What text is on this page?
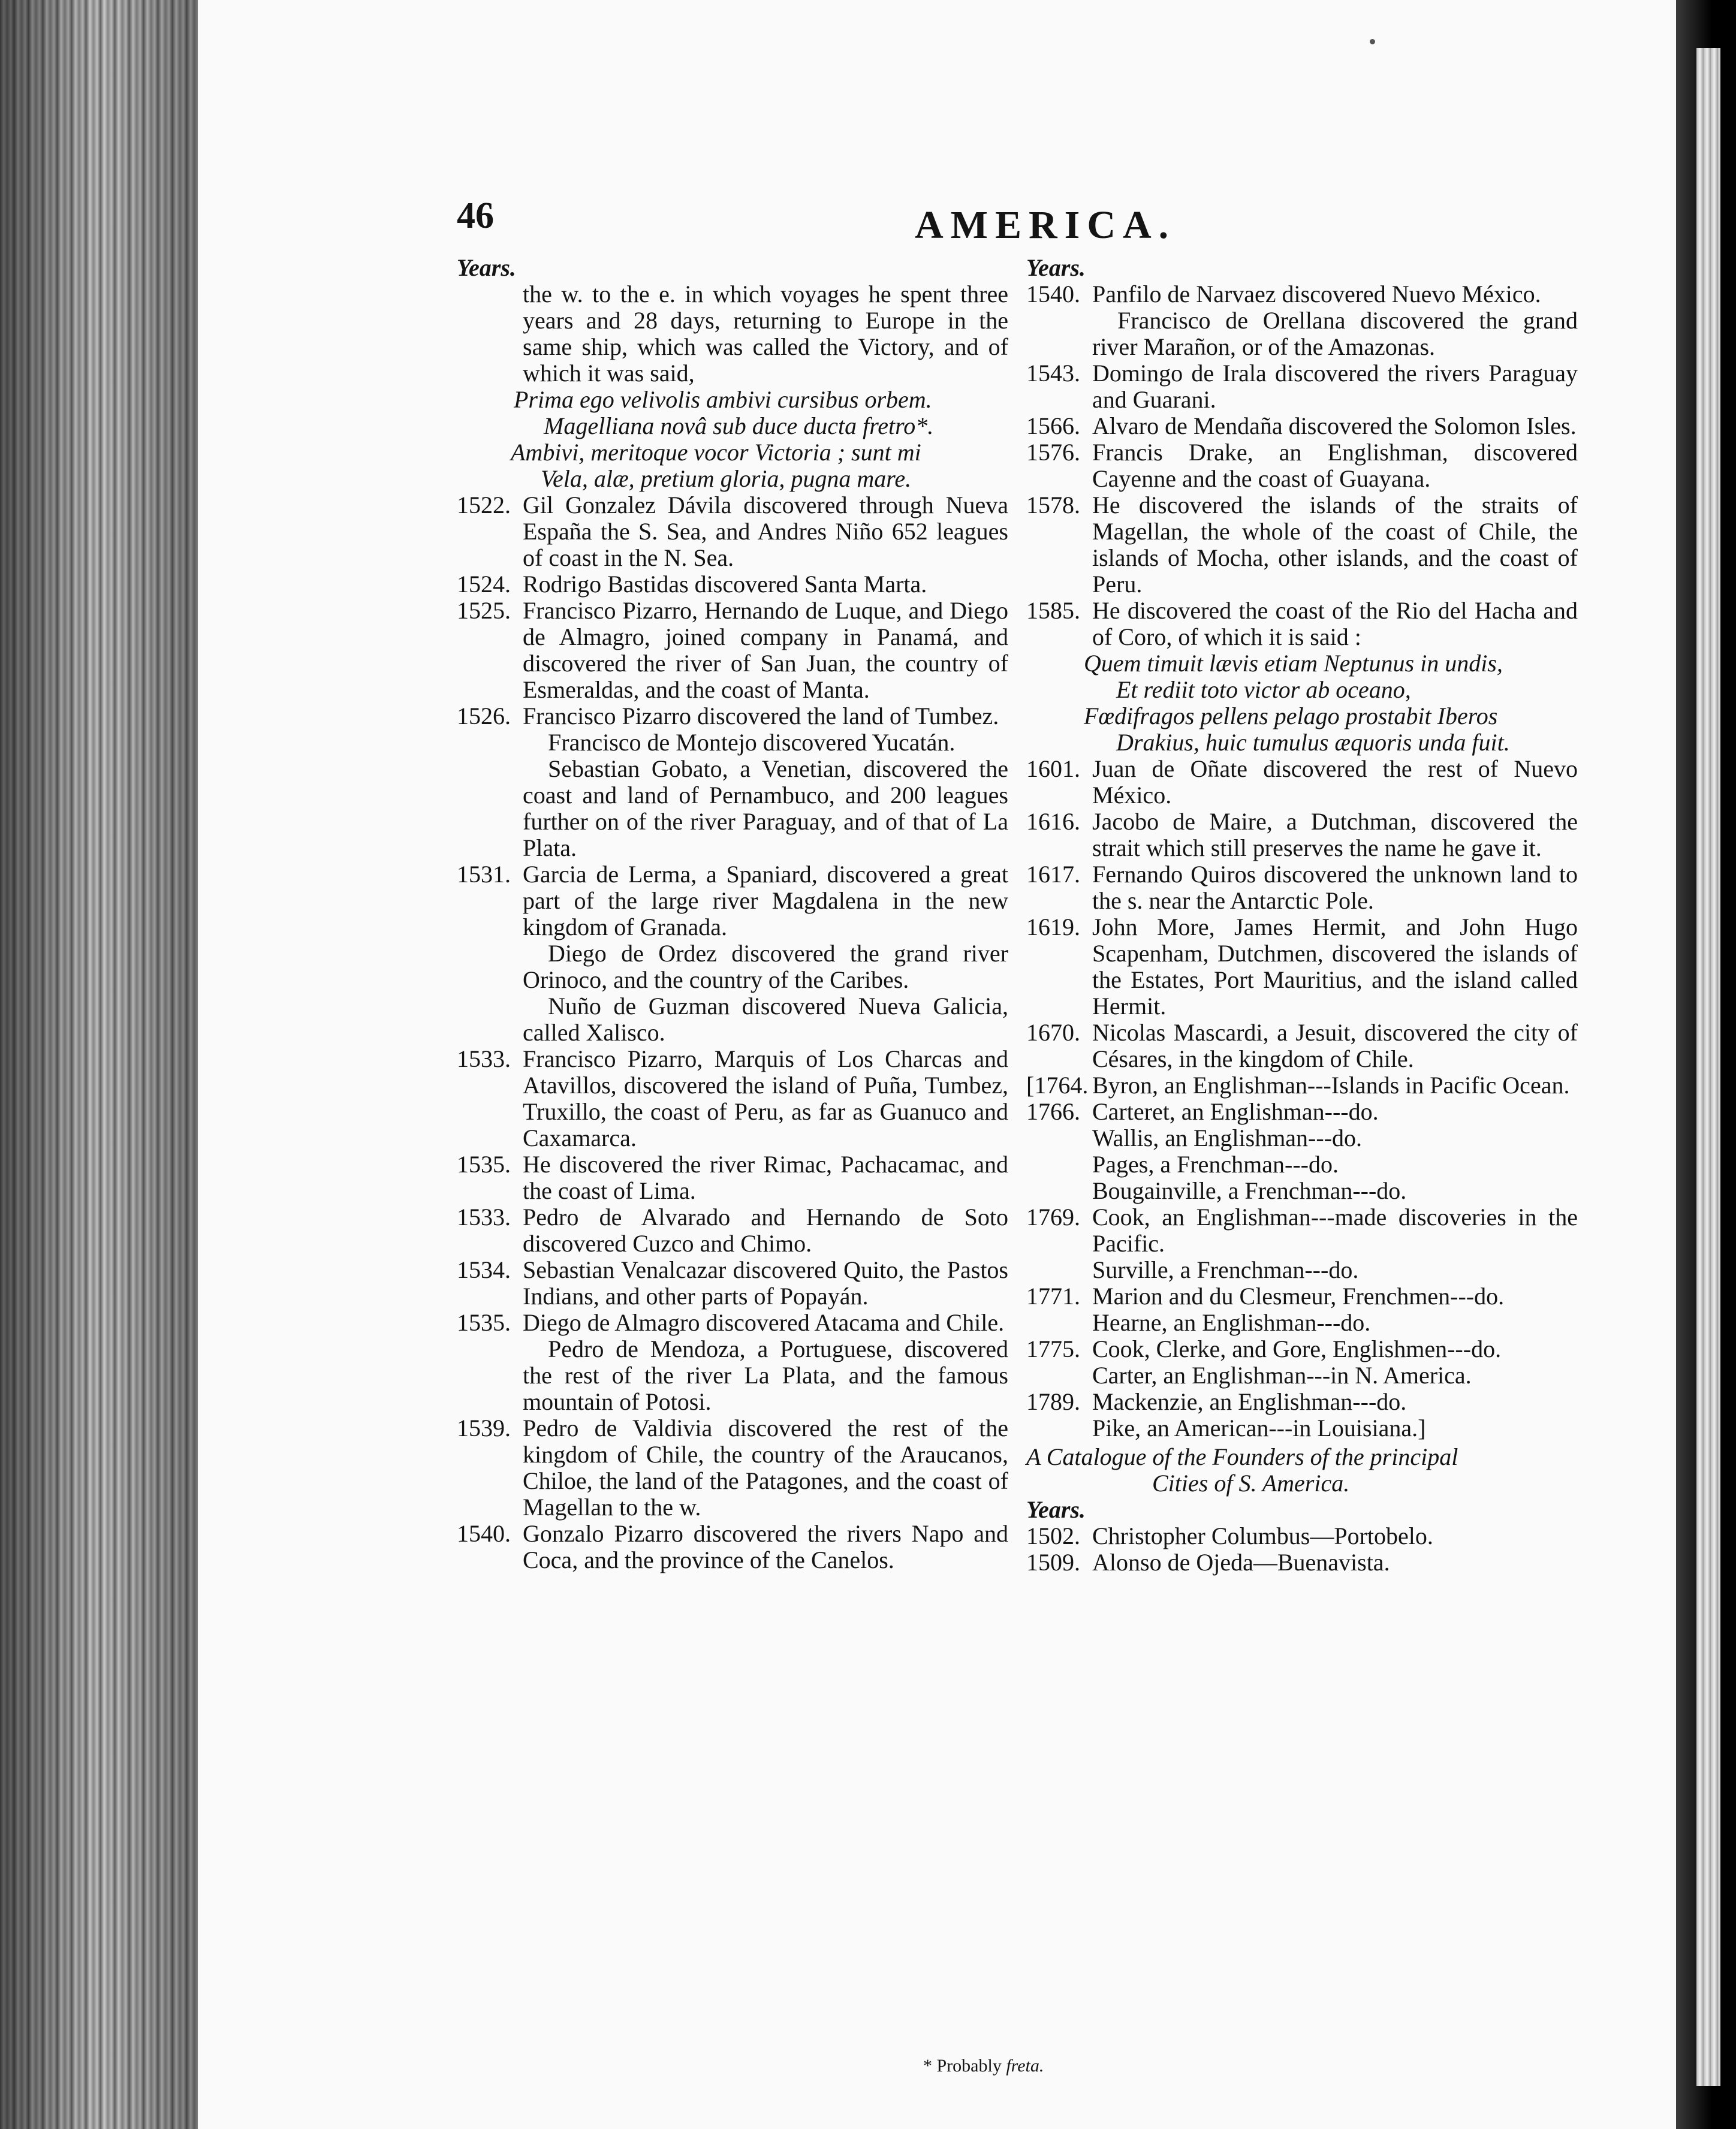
46	AMERICA.
Years.

the w. to the e. in which voyages he spent three years and 28 days, returning to Europe in the same ship, which was called the Victory, and of which it was said,

Prima ego velivolis ambivi cursibus orbem.

Magelliana novâ sub duce ducta fretro*.

Ambivi, meritoque vocor Victoria ; sunt mi

Vela, alæ, pretium gloria, pugna mare.

1522. Gil Gonzalez Dávila discovered through Nueva España the S. Sea, and Andres Niño 652 leagues of coast in the N. Sea.
1524. Rodrigo Bastidas discovered Santa Marta.
1525. Francisco Pizarro, Hernando de Luque, and Diego de Almagro, joined company in Panamá, and discovered the river of San Juan, the country of Esmeraldas, and the coast of Manta.
1526. Francisco Pizarro discovered the land of Tumbez.

Francisco de Montejo discovered Yucatán.

Sebastian Gobato, a Venetian, discovered the coast and land of Pernambuco, and 200 leagues further on of the river Paraguay, and of that of La Plata.

1531. Garcia de Lerma, a Spaniard, discovered a great part of the large river Magdalena in the new kingdom of Granada.

Diego de Ordez discovered the grand river Orinoco, and the country of the Caribes.

Nuño de Guzman discovered Nueva Galicia, called Xalisco.

1533. Francisco Pizarro, Marquis of Los Charcas and Atavillos, discovered the island of Puña, Tumbez, Truxillo, the coast of Peru, as far as Guanuco and Caxamarca.
1535. He discovered the river Rimac, Pachacamac, and the coast of Lima.
1533. Pedro de Alvarado and Hernando de Soto discovered Cuzco and Chimo.
1534. Sebastian Venalcazar discovered Quito, the Pastos Indians, and other parts of Popayán.
1535. Diego de Almagro discovered Atacama and Chile.

Pedro de Mendoza, a Portuguese, discovered the rest of the river La Plata, and the famous mountain of Potosi.

1539. Pedro de Valdivia discovered the rest of the kingdom of Chile, the country of the Araucanos, Chiloe, the land of the Patagones, and the coast of Magellan to the w.
1540. Gonzalo Pizarro discovered the rivers Napo and Coca, and the province of the Canelos.
Years.
1540. Panfilo de Narvaez discovered Nuevo México.

Francisco de Orellana discovered the grand river Marañon, or of the Amazonas.

1543. Domingo de Irala discovered the rivers Paraguay and Guarani.
1566. Alvaro de Mendaña discovered the Solomon Isles.
1576. Francis Drake, an Englishman, discovered Cayenne and the coast of Guayana.
1578. He discovered the islands of the straits of Magellan, the whole of the coast of Chile, the islands of Mocha, other islands, and the coast of Peru.
1585. He discovered the coast of the Rio del Hacha and of Coro, of which it is said :

Quem timuit lævis etiam Neptunus in undis,

Et rediit toto victor ab oceano,

Fœdifragos pellens pelago prostabit Iberos

Drakius, huic tumulus æquoris unda fuit.

1601. Juan de Oñate discovered the rest of Nuevo México.
1616. Jacobo de Maire, a Dutchman, discovered the strait which still preserves the name he gave it.
1617. Fernando Quiros discovered the unknown land to the s. near the Antarctic Pole.
1619. John More, James Hermit, and John Hugo Scapenham, Dutchmen, discovered the islands of the Estates, Port Mauritius, and the island called Hermit.
1670. Nicolas Mascardi, a Jesuit, discovered the city of Césares, in the kingdom of Chile.
[1764. Byron, an Englishman---Islands in Pacific Ocean.
1766. Carteret, an Englishman---do.

Wallis, an Englishman---do.

Pages, a Frenchman---do.

Bougainville, a Frenchman---do.

1769. Cook, an Englishman---made discoveries in the Pacific.

Surville, a Frenchman---do.

1771. Marion and du Clesmeur, Frenchmen---do.

Hearne, an Englishman---do.

1775. Cook, Clerke, and Gore, Englishmen---do.

Carter, an Englishman---in N. America.

1789. Mackenzie, an Englishman---do.

Pike, an American---in Louisiana.]

A Catalogue of the Founders of the principal

Cities of S. America.

Years.
1502. Christopher Columbus—Portobelo.
1509. Alonso de Ojeda—Buenavista.
* Probably freta.
